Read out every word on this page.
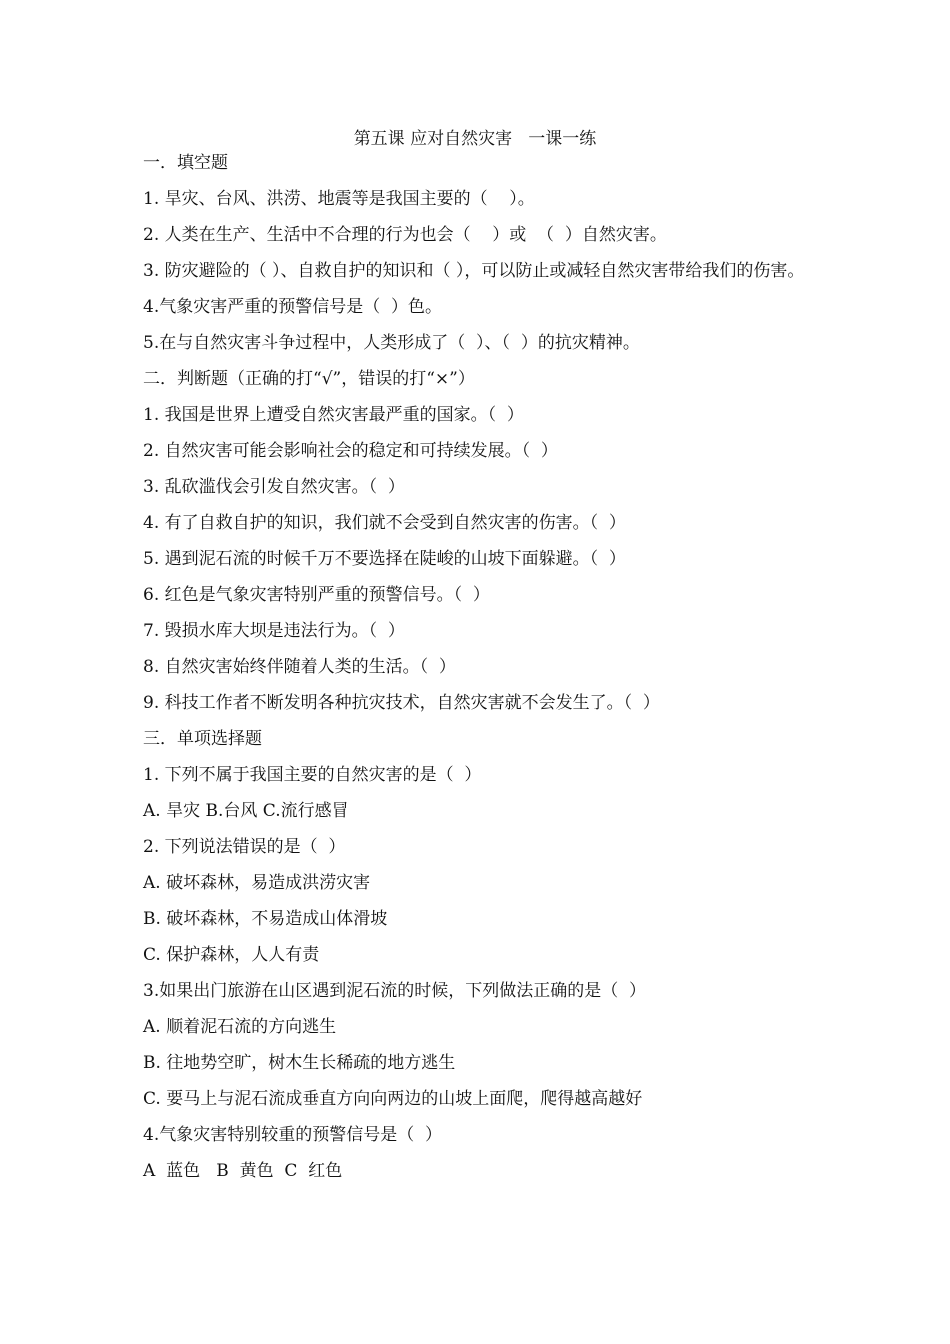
第五课 应对自然灾害   一课一练
一．填空题
1. 旱灾、台风、洪涝、地震等是我国主要的（    ）。
2. 人类在生产、生活中不合理的行为也会（    ）或  （  ）自然灾害。
3. 防灾避险的（ ）、自救自护的知识和（ ），可以防止或减轻自然灾害带给我们的伤害。
4.气象灾害严重的预警信号是（  ）色。
5.在与自然灾害斗争过程中，人类形成了（  ）、（  ）的抗灾精神。
二．判断题（正确的打“√”，错误的打“×”）
1. 我国是世界上遭受自然灾害最严重的国家。（  ）
2. 自然灾害可能会影响社会的稳定和可持续发展。（  ）
3. 乱砍滥伐会引发自然灾害。（  ）
4. 有了自救自护的知识，我们就不会受到自然灾害的伤害。（  ）
5. 遇到泥石流的时候千万不要选择在陡峻的山坡下面躲避。（  ）
6. 红色是气象灾害特别严重的预警信号。（  ）
7. 毁损水库大坝是违法行为。（  ）
8. 自然灾害始终伴随着人类的生活。（  ）
9. 科技工作者不断发明各种抗灾技术，自然灾害就不会发生了。（  ）
三．单项选择题
1. 下列不属于我国主要的自然灾害的是（  ）
A. 旱灾 B.台风 C.流行感冒
2. 下列说法错误的是（  ）
A. 破坏森林，易造成洪涝灾害
B. 破坏森林，不易造成山体滑坡
C. 保护森林，人人有责
3.如果出门旅游在山区遇到泥石流的时候，下列做法正确的是（  ）
A. 顺着泥石流的方向逃生
B. 往地势空旷，树木生长稀疏的地方逃生
C. 要马上与泥石流成垂直方向向两边的山坡上面爬，爬得越高越好
4.气象灾害特别较重的预警信号是（  ）
A  蓝色   B  黄色  C  红色
